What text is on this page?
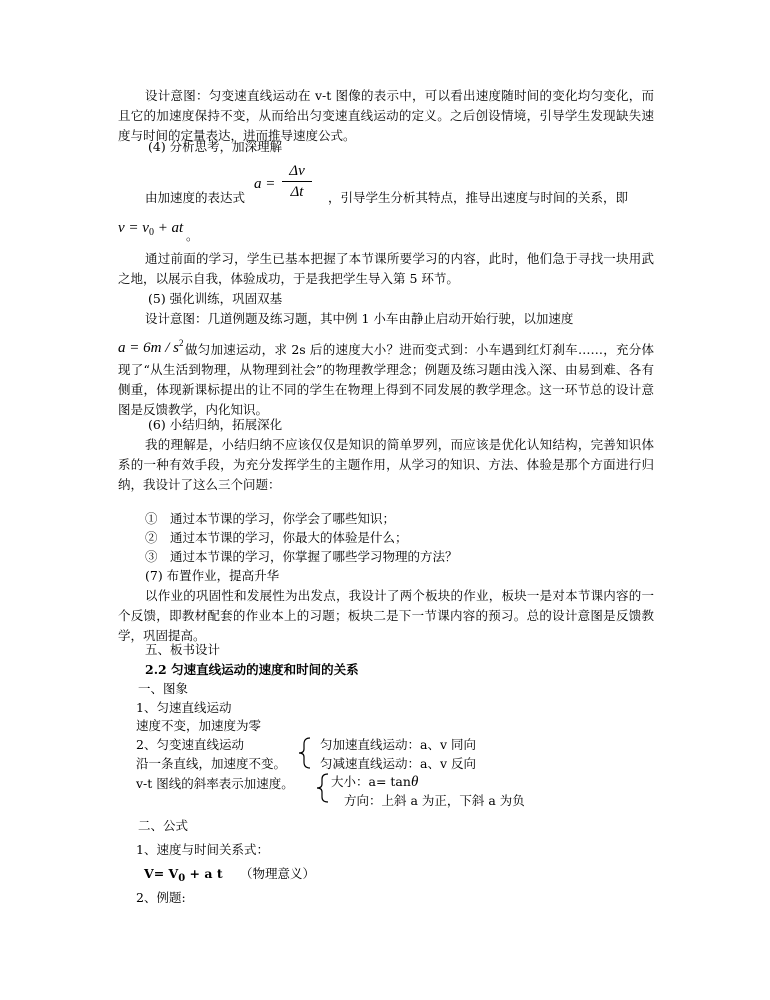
设计意图：匀变速直线运动在 v-t 图像的表示中，可以看出速度随时间的变化均匀变化，而且它的加速度保持不变，从而给出匀变速直线运动的定义。之后创设情境，引导学生发现缺失速度与时间的定量表达，进而推导速度公式。
(4) 分析思考，加深理解
a =
Δv
Δt
由加速度的表达式	，引导学生分析其特点，推导出速度与时间的关系，即
$v = v_0$ + at 。
通过前面的学习，学生已基本把握了本节课所要学习的内容，此时，他们急于寻找一块用武之地，以展示自我，体验成功，于是我把学生导入第 5 环节。
(5) 强化训练，巩固双基
设计意图：几道例题及练习题，其中例 1 小车由静止启动开始行驶，以加速度
$a = 6m / s^2$ 做匀加速运动，求 2s 后的速度大小？进而变式到：小车遇到红灯刹车……，充分体现了“从生活到物理，从物理到社会”的物理教学理念；例题及练习题由浅入深、由易到难、各有侧重，体现新课标提出的让不同的学生在物理上得到不同发展的教学理念。这一环节总的设计意图是反馈教学，内化知识。
(6) 小结归纳，拓展深化
我的理解是，小结归纳不应该仅仅是知识的简单罗列，而应该是优化认知结构，完善知识体系的一种有效手段，为充分发挥学生的主题作用，从学习的知识、方法、体验是那个方面进行归纳，我设计了这么三个问题：
①　通过本节课的学习，你学会了哪些知识；
②　通过本节课的学习，你最大的体验是什么；
③　通过本节课的学习，你掌握了哪些学习物理的方法？
(7) 布置作业，提高升华
以作业的巩固性和发展性为出发点，我设计了两个板块的作业，板块一是对本节课内容的一个反馈，即教材配套的作业本上的习题；板块二是下一节课内容的预习。总的设计意图是反馈教学，巩固提高。
五、板书设计
2.2 匀速直线运动的速度和时间的关系
一、图象
1、匀速直线运动
速度不变，加速度为零
2、匀变速直线运动
沿一条直线，加速度不变。
v-t 图线的斜率表示加速度。
匀加速直线运动：a、v 同向
匀减速直线运动：a、v 反向
大小：a= tanθ
方向：上斜 a 为正，下斜 a 为负
二、公式
1、速度与时间关系式：
$V= V_0 + a$ t （物理意义）
2、例题:
